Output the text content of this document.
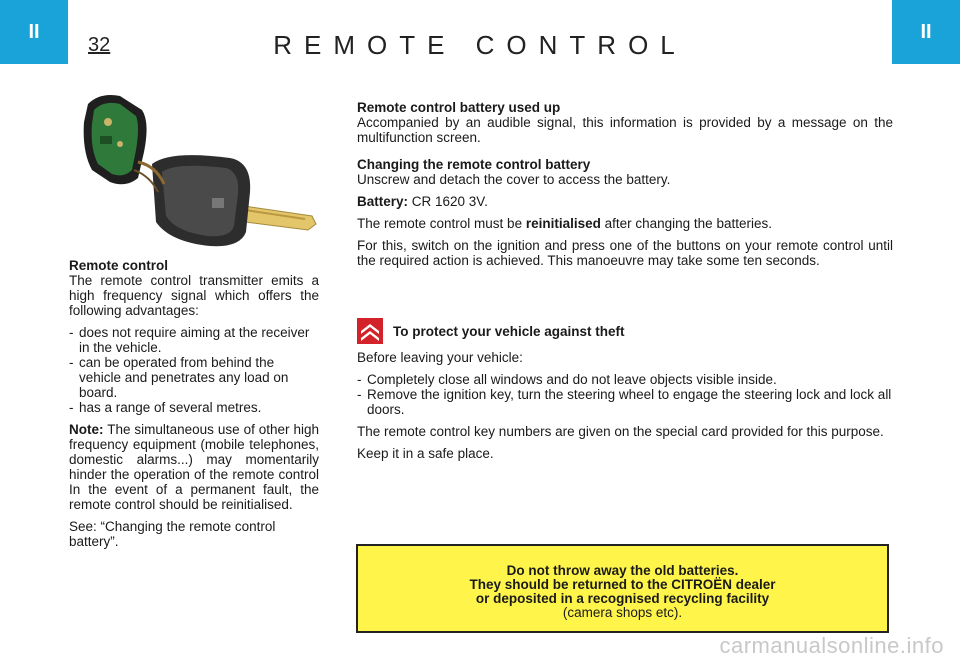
II	II
32	REMOTE CONTROL

Remote control
The remote control transmitter emits a high frequency signal which offers the following advantages:

- does not require aiming at the receiver in the vehicle.
- can be operated from behind the vehicle and penetrates any load on board.
- has a range of several metres.

Note: The simultaneous use of other high frequency equipment (mobile telephones, domestic alarms...) may momentarily hinder the operation of the remote control In the event of a permanent fault, the remote control should be reinitialised.

See: “Changing the remote control battery”.

Remote control battery used up
Accompanied by an audible signal, this information is provided by a message on the multifunction screen.

Changing the remote control battery
Unscrew and detach the cover to access the battery.

Battery: CR 1620 3V.

The remote control must be reinitialised after changing the batteries.

For this, switch on the ignition and press one of the buttons on your remote control until the required action is achieved. This manoeuvre may take some ten seconds.

To protect your vehicle against theft

Before leaving your vehicle:

- Completely close all windows and do not leave objects visible inside.
- Remove the ignition key, turn the steering wheel to engage the steering lock and lock all doors.

The remote control key numbers are given on the special card provided for this purpose.

Keep it in a safe place.

Do not throw away the old batteries.
They should be returned to the CITROËN dealer
or deposited in a recognised recycling facility
(camera shops etc).
carmanualsonline.info
